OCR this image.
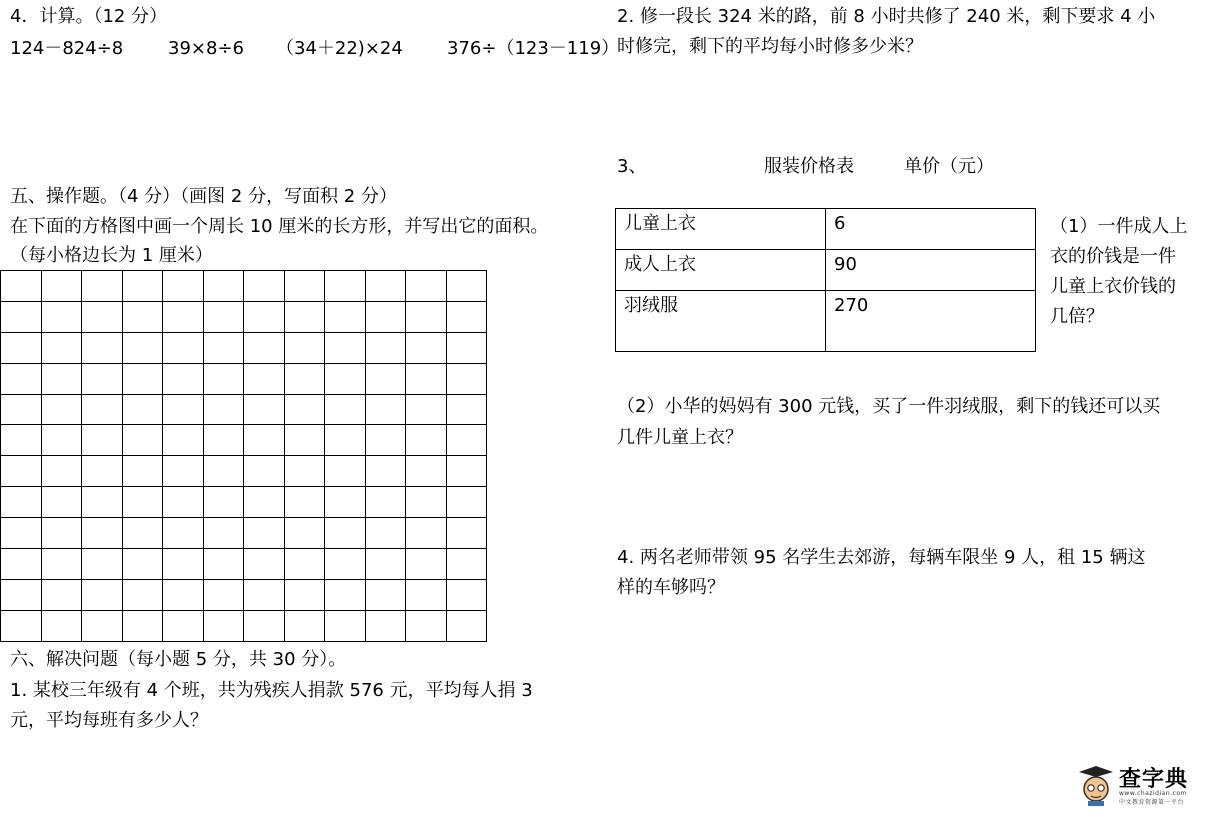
4．计算。（12 分）
124－824÷8 39×8÷6 （34＋22)×24 376÷（123－119）
五、操作题。（4 分）（画图 2 分，写面积 2 分）
在下面的方格图中画一个周长 10 厘米的长方形，并写出它的面积。
（每小格边长为 1 厘米）

六、解决问题（每小题 5 分，共 30 分）。
1. 某校三年级有 4 个班，共为残疾人捐款 576 元，平均每人捐 3
元，平均每班有多少人？
2. 修一段长 324 米的路，前 8 小时共修了 240 米，剩下要求 4 小
时修完，剩下的平均每小时修多少米？
3、	服装价格表	单价（元）
儿童上衣	6
成人上衣	90
羽绒服	270
（1）一件成人上
衣的价钱是一件
儿童上衣价钱的
几倍？
（2）小华的妈妈有 300 元钱，买了一件羽绒服，剩下的钱还可以买
几件儿童上衣？
4. 两名老师带领 95 名学生去郊游，每辆车限坐 9 人，租 15 辆这
样的车够吗？
查字典
www.chazidian.com 中文教育资源第一平台
